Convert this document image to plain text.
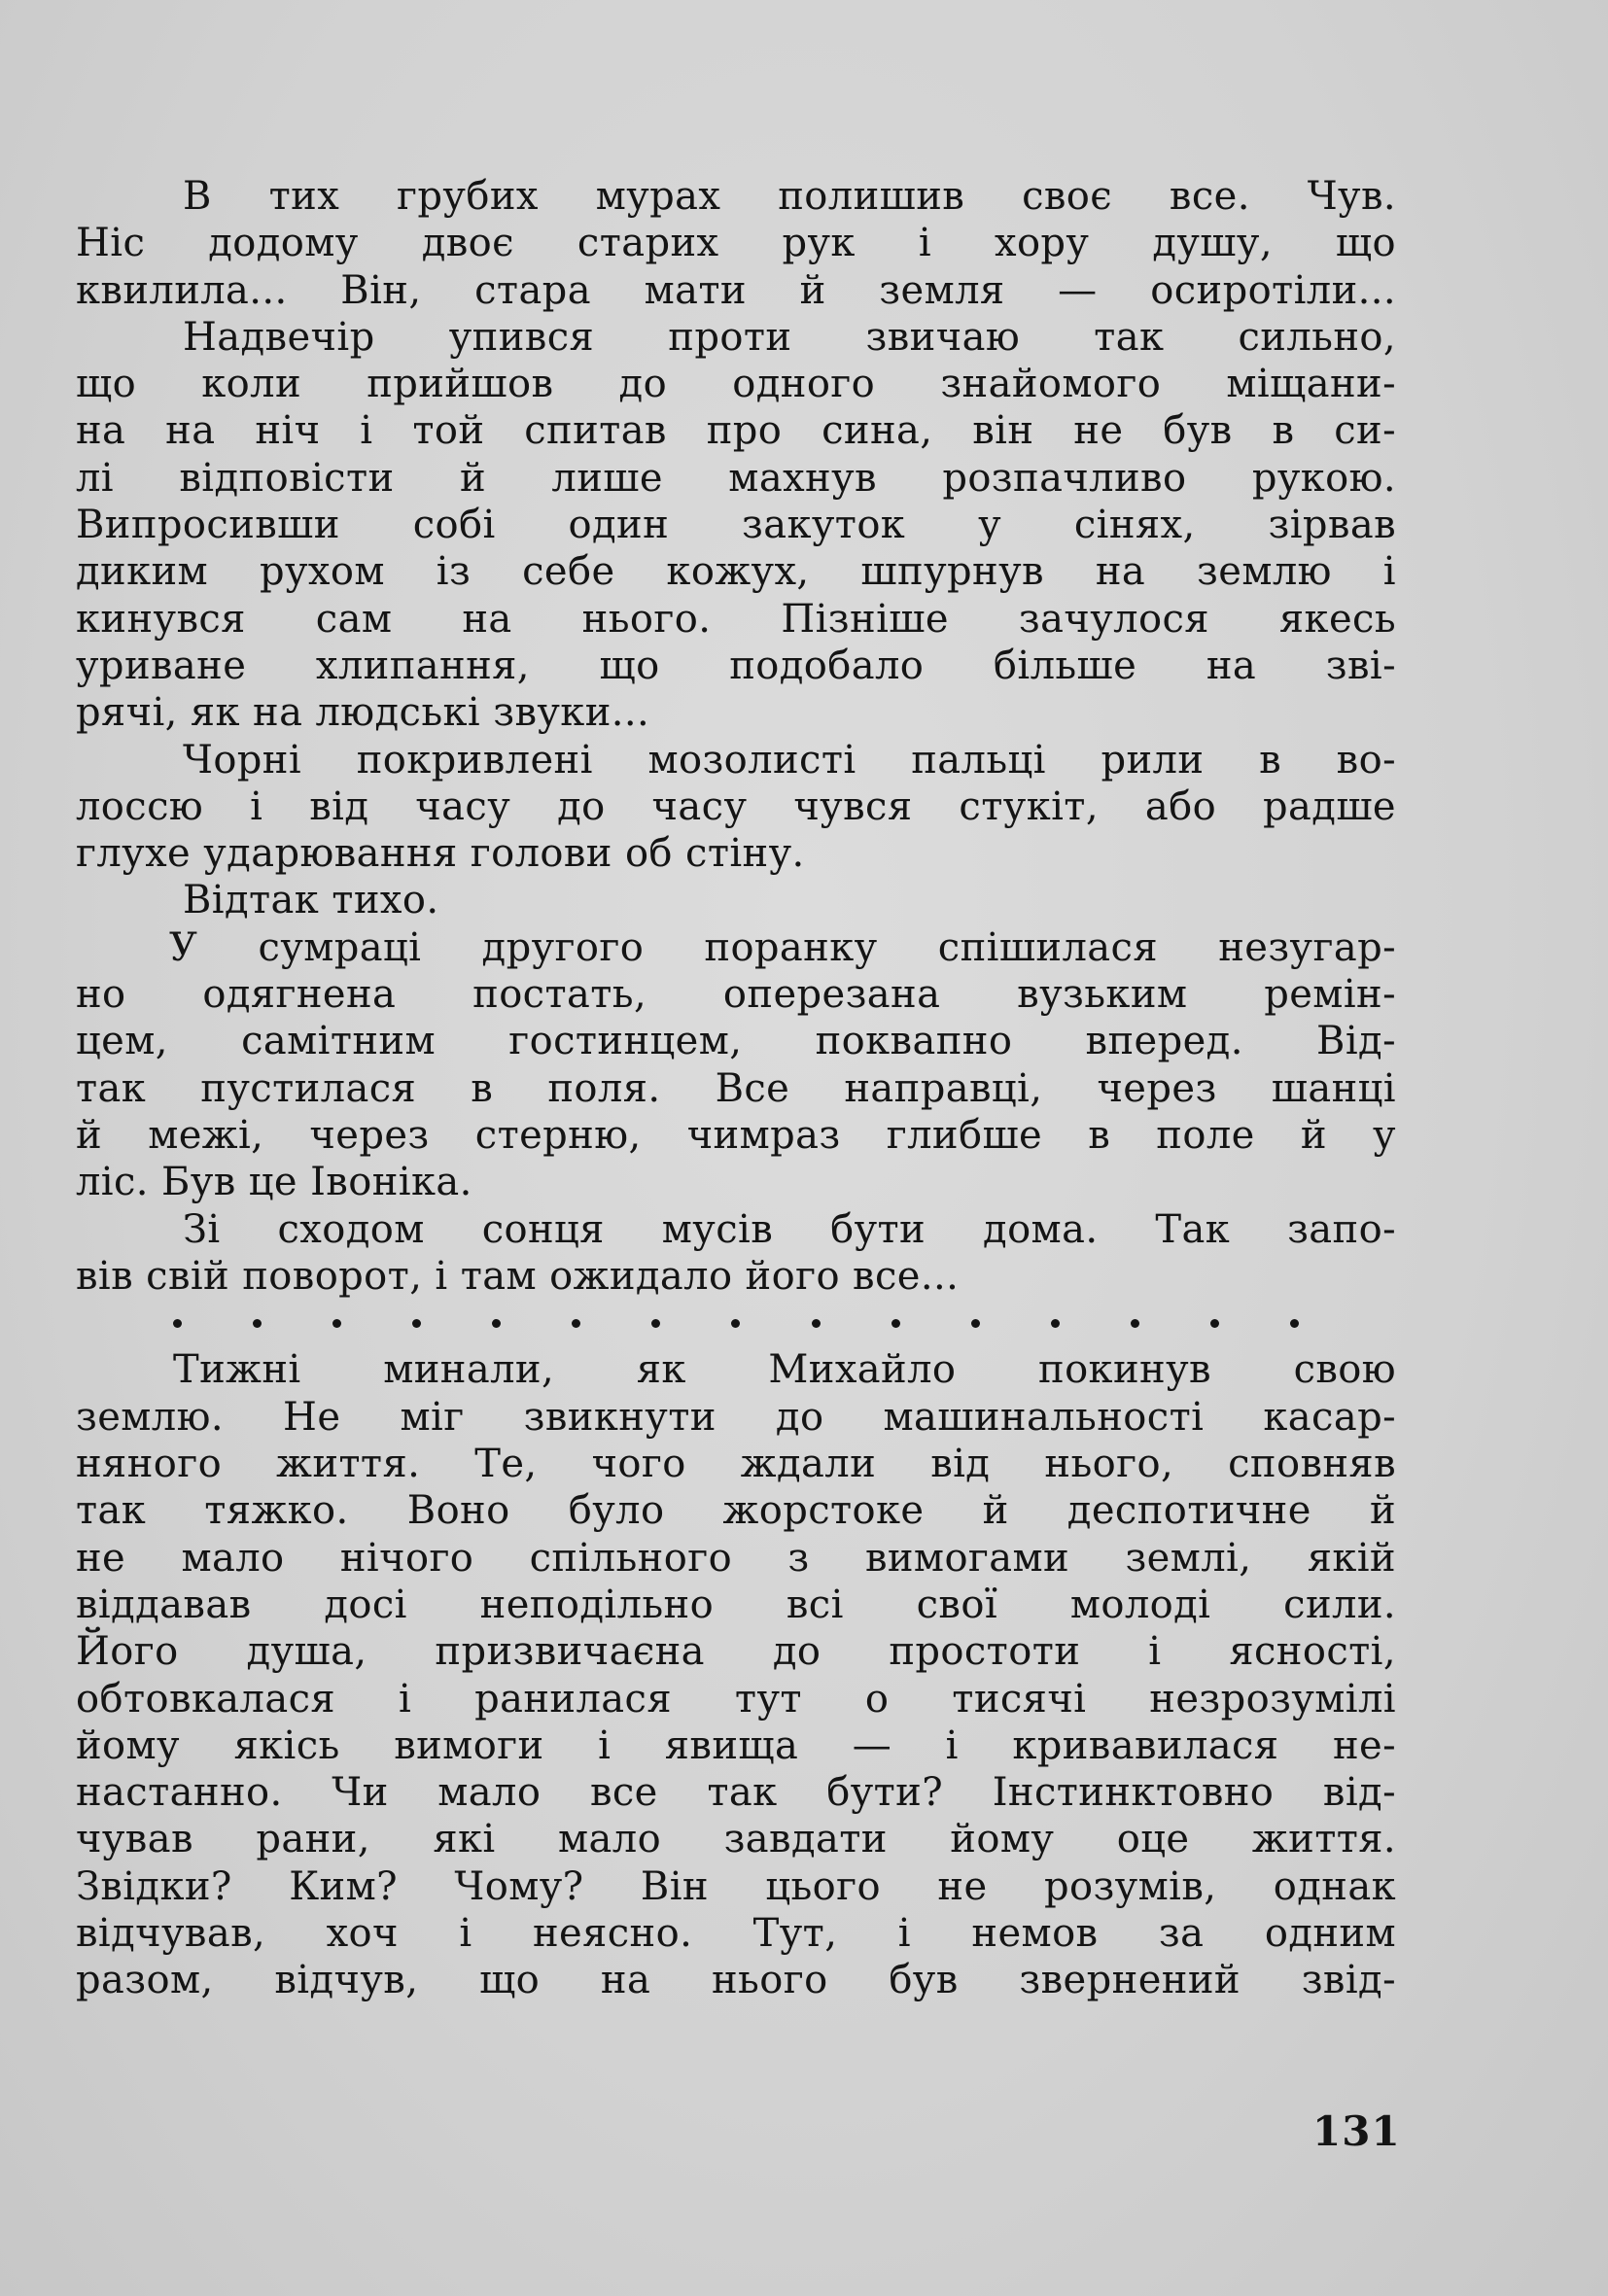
В тих грубих мурах полишив своє все. Чув.
Ніс додому двоє старих рук і хору душу, що
квилила... Він, стара мати й земля — осиротіли...
Надвечір упився проти звичаю так сильно,
що коли прийшов до одного знайомого міщани-
на на ніч і той спитав про сина, він не був в си-
лі відповісти й лише махнув розпачливо рукою.
Випросивши собі один закуток у сінях, зірвав
диким рухом із себе кожух, шпурнув на землю і
кинувся сам на нього. Пізніше зачулося якесь
уриване хлипання, що подобало більше на зві-
рячі, як на людські звуки...
Чорні покривлені мозолисті пальці рили в во-
лоссю і від часу до часу чувся стукіт, або радше
глухе ударювання голови об стіну.
Відтак тихо.
У сумраці другого поранку спішилася незугар-
но одягнена постать, оперезана вузьким ремін-
цем, самітним гостинцем, поквапно вперед. Від-
так пустилася в поля. Все направці, через шанці
й межі, через стерню, чимраз глибше в поле й у
ліс. Був це Івоніка.
Зі сходом сонця мусів бути дома. Так запо-
вів свій поворот, і там ожидало його все...
Тижні минали, як Михайло покинув свою
землю. Не міг звикнути до машинальності касар-
няного життя. Те, чого ждали від нього, сповняв
так тяжко. Воно було жорстоке й деспотичне й
не мало нічого спільного з вимогами землі, якій
віддавав досі неподільно всі свої молоді сили.
Його душа, призвичаєна до простоти і ясності,
обтовкалася і ранилася тут о тисячі незрозумілі
йому якісь вимоги і явища — і кривавилася не-
настанно. Чи мало все так бути? Інстинктовно від-
чував рани, які мало завдати йому оце життя.
Звідки? Ким? Чому? Він цього не розумів, однак
відчував, хоч і неясно. Тут, і немов за одним
разом, відчув, що на нього був звернений звід-
131
